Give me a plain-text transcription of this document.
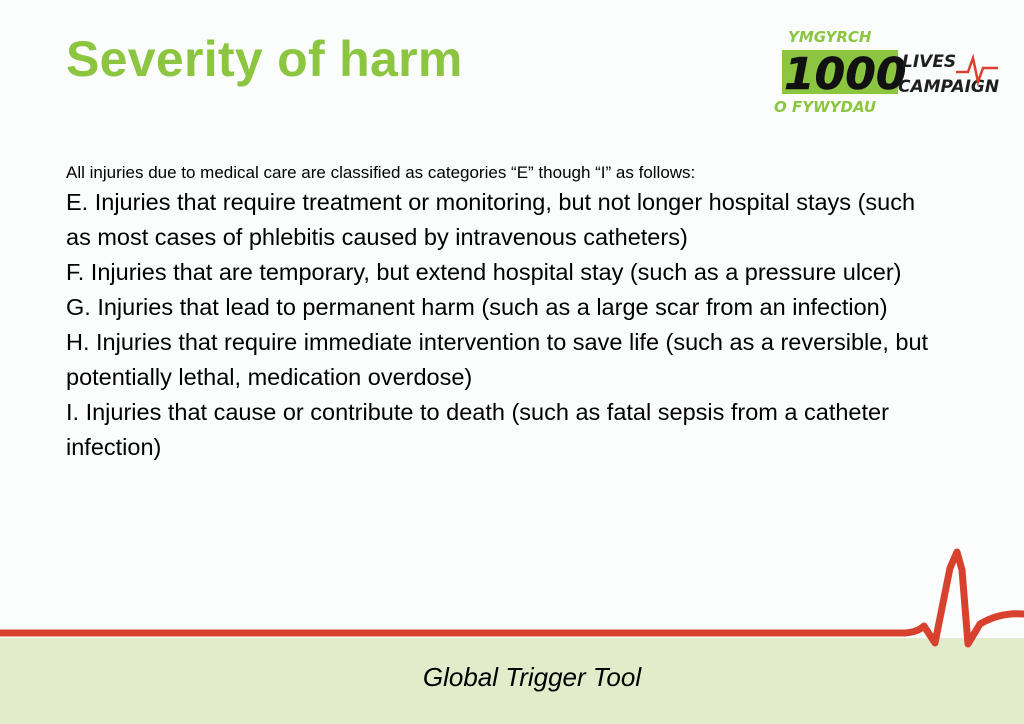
Severity of harm	YMGYRCH
1000
LIVES
CAMPAIGN
O FYWYDAU
All injuries due to medical care are classified as categories “E” though “I” as follows:
E. Injuries that require treatment or monitoring, but not longer hospital stays (such as most cases of phlebitis caused by intravenous catheters)
F. Injuries that are temporary, but extend hospital stay (such as a pressure ulcer)
G. Injuries that lead to permanent harm (such as a large scar from an infection)
H. Injuries that require immediate intervention to save life (such as a reversible, but potentially lethal, medication overdose)
I. Injuries that cause or contribute to death (such as fatal sepsis from a catheter infection)
Global Trigger Tool
